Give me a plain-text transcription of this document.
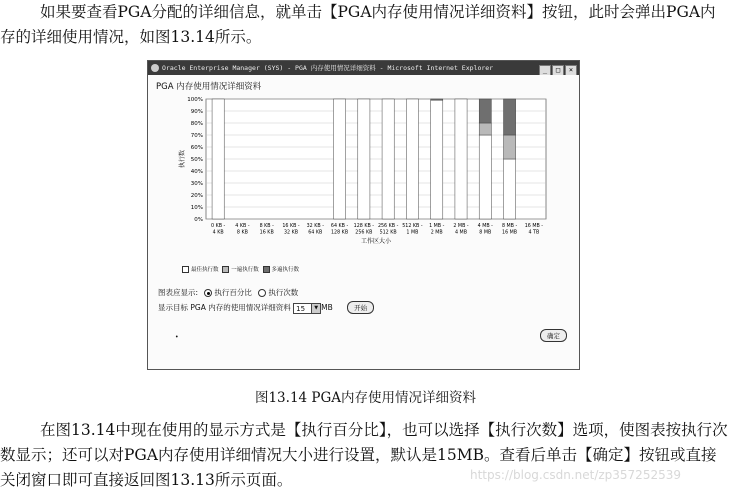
如果要查看PGA分配的详细信息，就单击【PGA内存使用情况详细资料】按钮，此时会弹出PGA内存的详细使用情况，如图13.14所示。

Oracle Enterprise Manager (SYS) - PGA 内存使用情况详细资料 - Microsoft Internet Explorer	_ □ ×
PGA 内存使用情况详细资料
0%
10%
20%
30%
40%
50%
60%
70%
80%
90%
100%
0 KB -
4 KB
4 KB -
8 KB
8 KB -
16 KB
16 KB -
32 KB
32 KB -
64 KB
64 KB -
128 KB
128 KB -
256 KB
256 KB -
512 KB
512 KB -
1 MB
1 MB -
2 MB
2 MB -
4 MB
4 MB -
8 MB
8 MB -
16 MB
16 MB -
4 TB
工作区大小
执行数
最佳执行数 一遍执行数 多遍执行数
图表应显示: 执行百分比 执行次数
显示目标 PGA 内存的使用情况详细资料 15	▼ MB	开始
确定
•
图13.14 PGA内存使用情况详细资料

在图13.14中现在使用的显示方式是【执行百分比】，也可以选择【执行次数】选项，使图表按执行次数显示；还可以对PGA内存使用详细情况大小进行设置，默认是15MB。查看后单击【确定】按钮或直接关闭窗口即可直接返回图13.13所示页面。	https://blog.csdn.net/zp357252539
